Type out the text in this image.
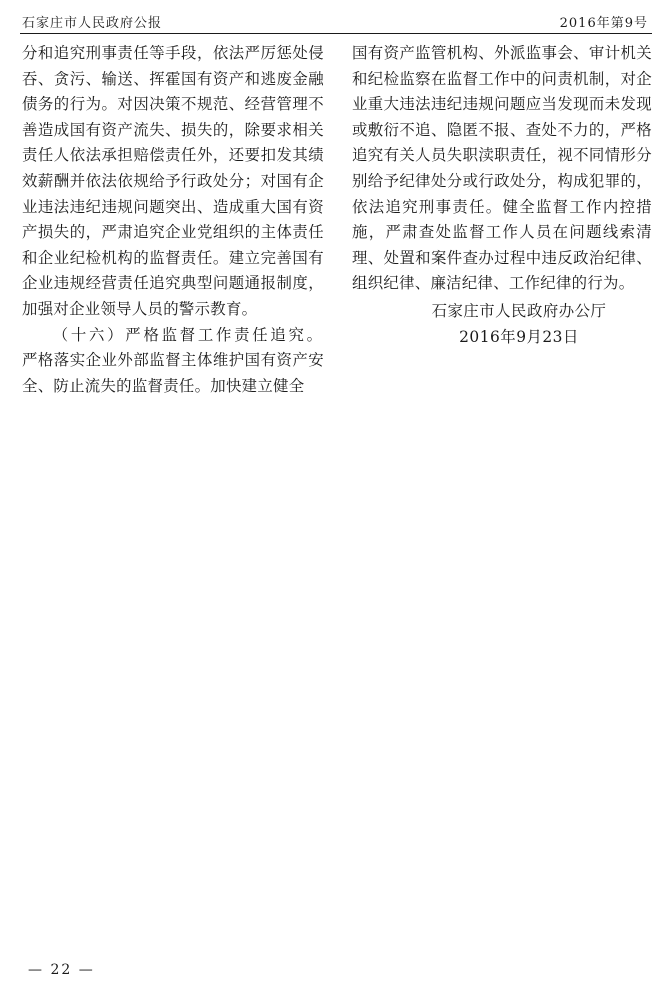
石家庄市人民政府公报	2016年第9号

分和追究刑事责任等手段，依法严厉惩处侵吞、贪污、输送、挥霍国有资产和逃废金融债务的行为。对因决策不规范、经营管理不善造成国有资产流失、损失的，除要求相关责任人依法承担赔偿责任外，还要扣发其绩效薪酬并依法依规给予行政处分；对国有企业违法违纪违规问题突出、造成重大国有资产损失的，严肃追究企业党组织的主体责任和企业纪检机构的监督责任。建立完善国有企业违规经营责任追究典型问题通报制度，加强对企业领导人员的警示教育。

（十六）严格监督工作责任追究。严格落实企业外部监督主体维护国有资产安全、防止流失的监督责任。加快建立健全

国有资产监管机构、外派监事会、审计机关和纪检监察在监督工作中的问责机制，对企业重大违法违纪违规问题应当发现而未发现或敷衍不追、隐匿不报、查处不力的，严格追究有关人员失职渎职责任，视不同情形分别给予纪律处分或行政处分，构成犯罪的，依法追究刑事责任。健全监督工作内控措施，严肃查处监督工作人员在问题线索清理、处置和案件查办过程中违反政治纪律、组织纪律、廉洁纪律、工作纪律的行为。

石家庄市人民政府办公厅
2016年9月23日
— 22 —
